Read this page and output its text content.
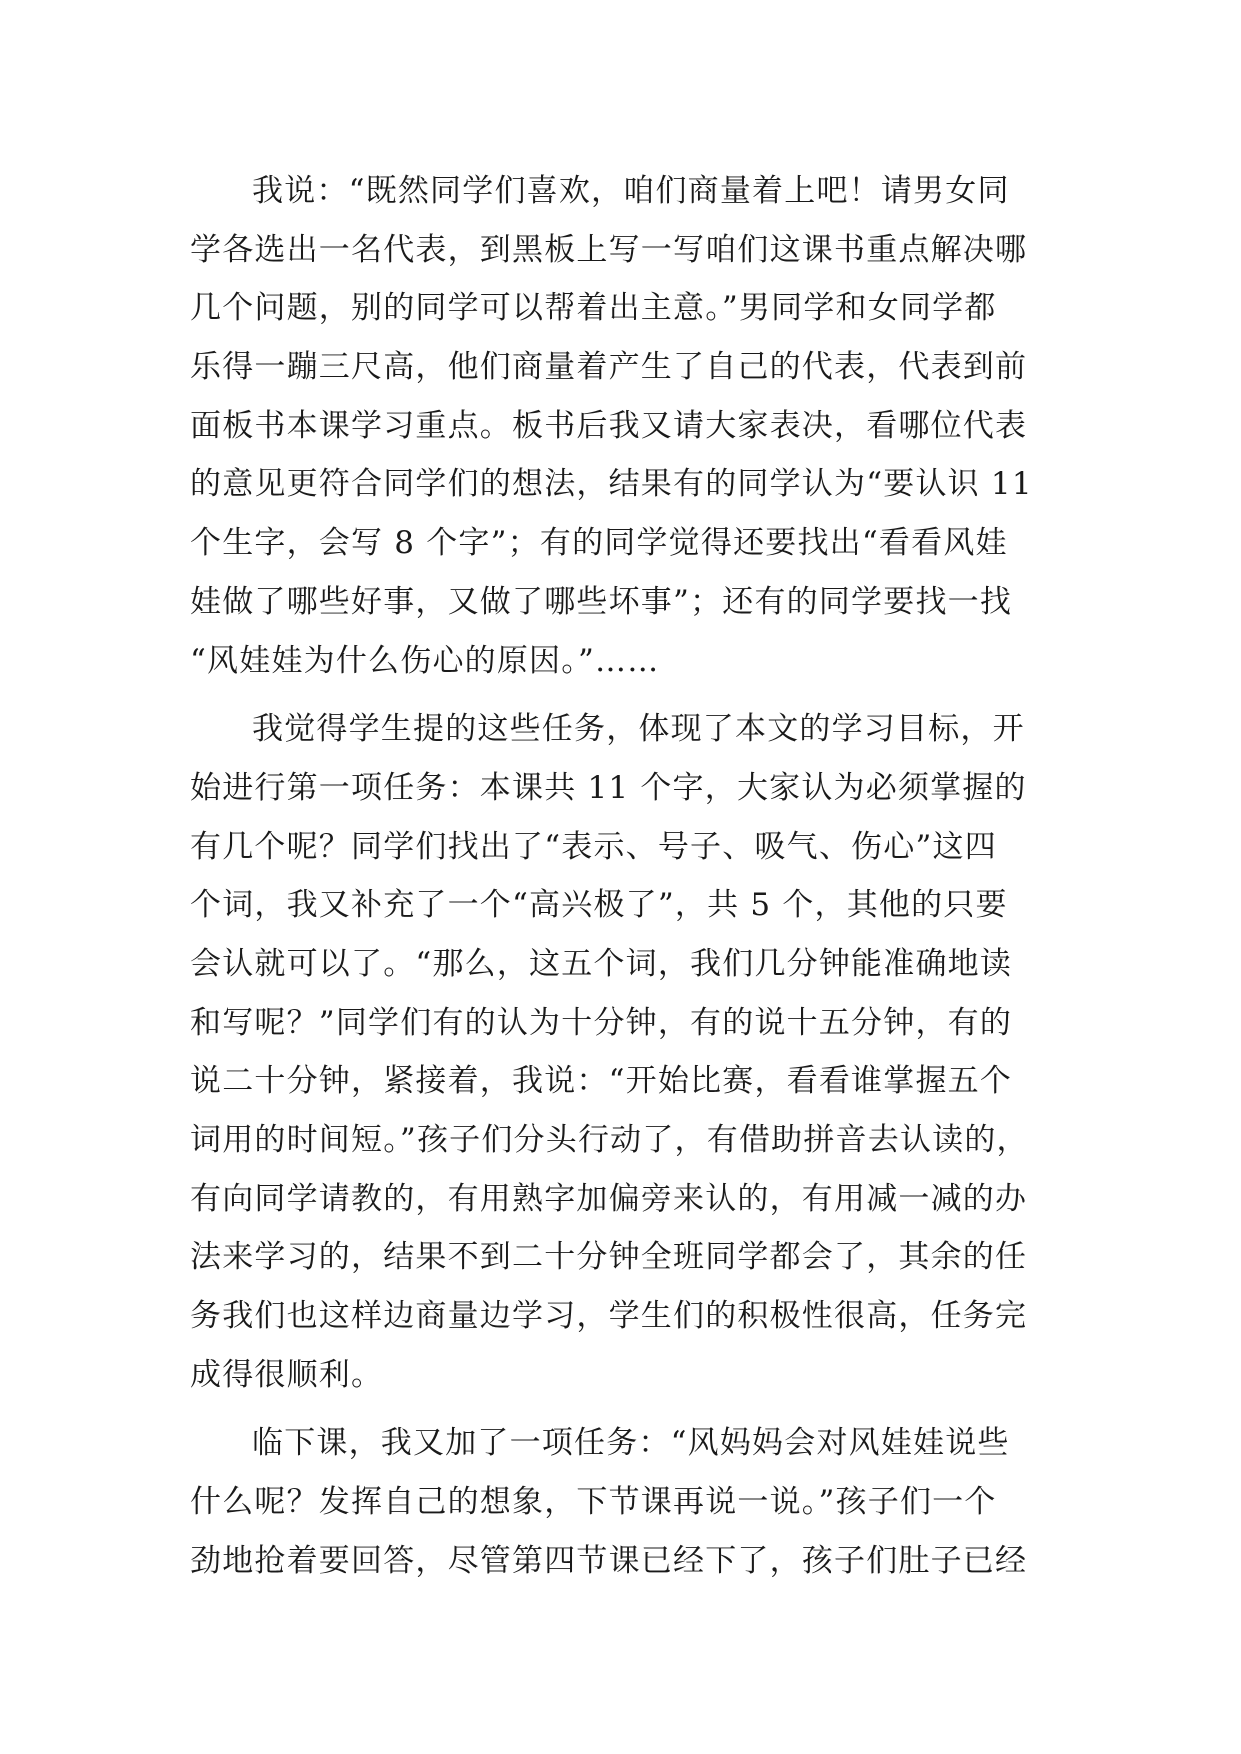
我说：“既然同学们喜欢，咱们商量着上吧！请男女同
学各选出一名代表，到黑板上写一写咱们这课书重点解决哪
几个问题，别的同学可以帮着出主意。”男同学和女同学都
乐得一蹦三尺高，他们商量着产生了自己的代表，代表到前
面板书本课学习重点。板书后我又请大家表决，看哪位代表
的意见更符合同学们的想法，结果有的同学认为“要认识 11
个生字，会写 8 个字”；有的同学觉得还要找出“看看风娃
娃做了哪些好事，又做了哪些坏事”；还有的同学要找一找
“风娃娃为什么伤心的原因。”……
我觉得学生提的这些任务，体现了本文的学习目标，开
始进行第一项任务：本课共 11 个字，大家认为必须掌握的
有几个呢？同学们找出了“表示、号子、吸气、伤心”这四
个词，我又补充了一个“高兴极了”，共 5 个，其他的只要
会认就可以了。“那么，这五个词，我们几分钟能准确地读
和写呢？”同学们有的认为十分钟，有的说十五分钟，有的
说二十分钟，紧接着，我说：“开始比赛，看看谁掌握五个
词用的时间短。”孩子们分头行动了，有借助拼音去认读的，
有向同学请教的，有用熟字加偏旁来认的，有用减一减的办
法来学习的，结果不到二十分钟全班同学都会了，其余的任
务我们也这样边商量边学习，学生们的积极性很高，任务完
成得很顺利。
临下课，我又加了一项任务：“风妈妈会对风娃娃说些
什么呢？发挥自己的想象，下节课再说一说。”孩子们一个
劲地抢着要回答，尽管第四节课已经下了，孩子们肚子已经
